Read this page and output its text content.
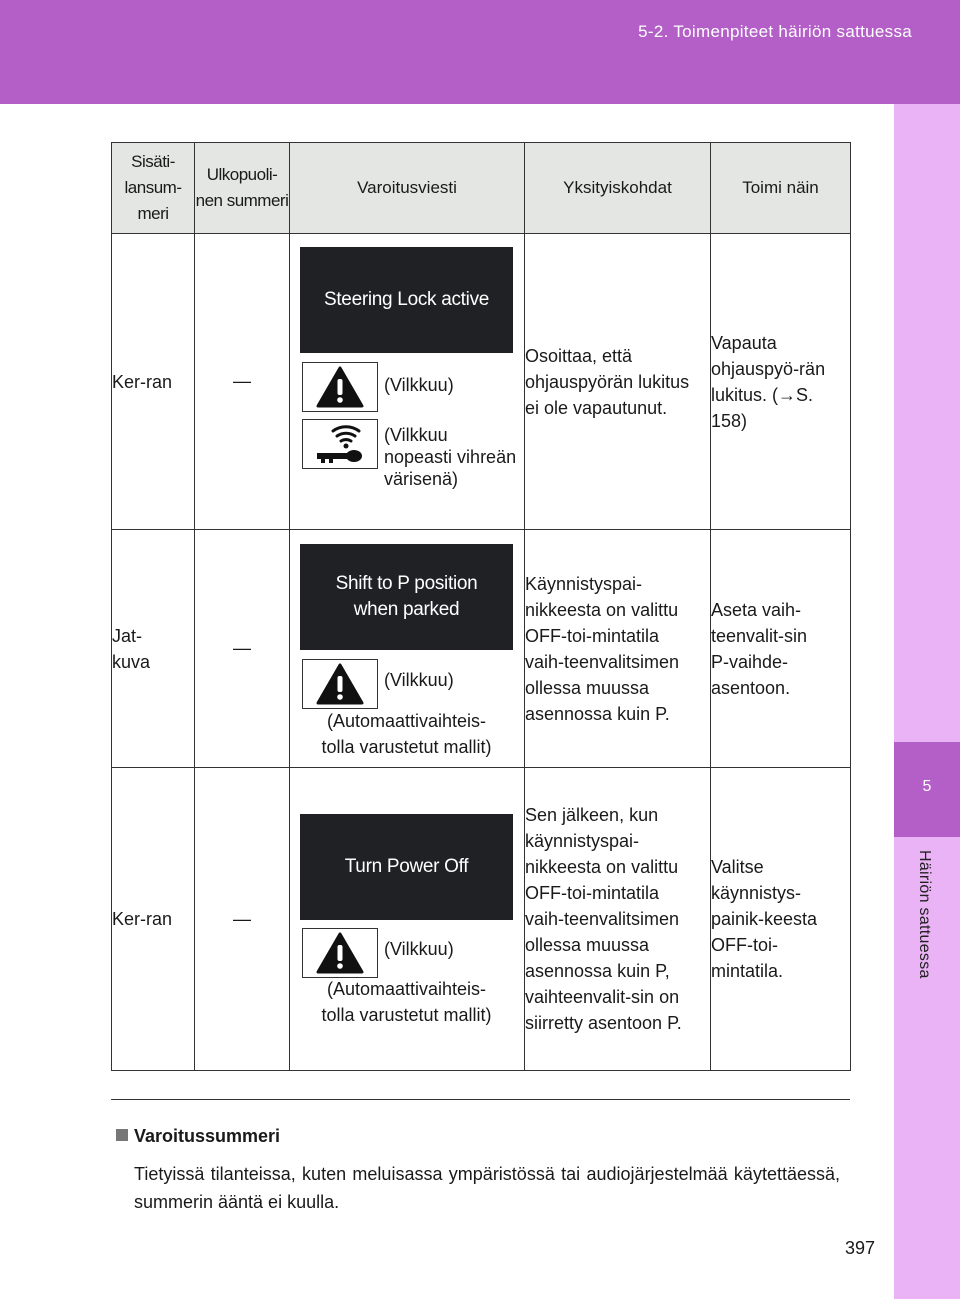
5-2. Toimenpiteet häiriön sattuessa
5
Häiriön sattuessa
Sisäti-lansum-meri	Ulkopuoli-nen summeri	Varoitusviesti	Yksityiskohdat	Toimi näin
Ker-ran	—	Steering Lock active
(Vilkkuu)
(Vilkkuu nopeasti vihreän värisenä)	Osoittaa, että ohjauspyörän lukitus ei ole vapautunut.	Vapauta ohjauspyö-rän lukitus. (→S. 158)
Jat-kuva	—	Shift to P position when parked
(Vilkkuu)
(Automaattivaihteis-tolla varustetut mallit)	Käynnistyspai-nikkeesta on valittu OFF-toi-mintatila vaih-teenvalitsimen ollessa muussa asennossa kuin P.	Aseta vaih-teenvalit-sin P-vaihde-asentoon.
Ker-ran	—	Turn Power Off
(Vilkkuu)
(Automaattivaihteis-tolla varustetut mallit)	Sen jälkeen, kun käynnistyspai-nikkeesta on valittu OFF-toi-mintatila vaih-teenvalitsimen ollessa muussa asennossa kuin P, vaihteenvalit-sin on siirretty asentoon P.	Valitse käynnistys-painik-keesta OFF-toi-mintatila.
Varoitussummeri
Tietyissä tilanteissa, kuten meluisassa ympäristössä tai audiojärjestelmää käytettäessä, summerin ääntä ei kuulla.
397
